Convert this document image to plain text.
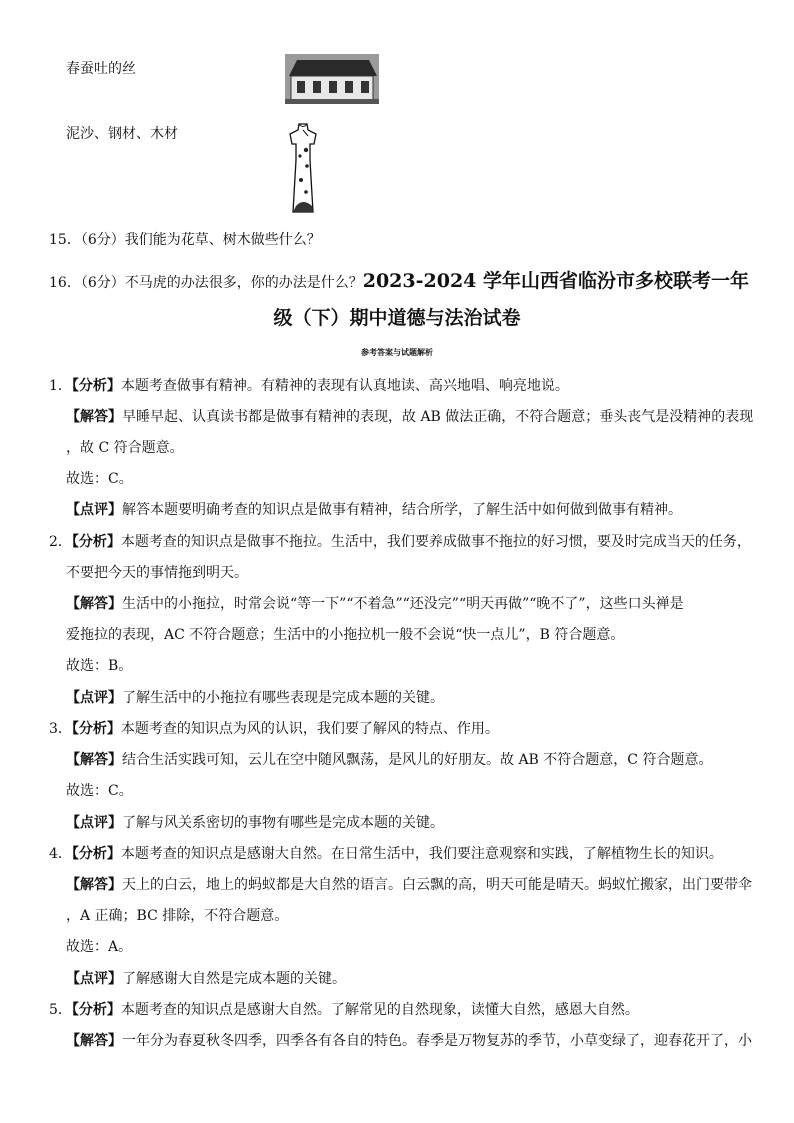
春蚕吐的丝
泥沙、钢材、木材
15．（6分）我们能为花草、树木做些什么？
16．（6分）不马虎的办法很多，你的办法是什么？2023-2024 学年山西省临汾市多校联考一年
级（下）期中道德与法治试卷
参考答案与试题解析
1．【分析】本题考查做事有精神。有精神的表现有认真地读、高兴地唱、响亮地说。
【解答】早睡早起、认真读书都是做事有精神的表现，故 AB 做法正确，不符合题意；垂头丧气是没精神的表现
，故 C 符合题意。
故选：C。
【点评】解答本题要明确考查的知识点是做事有精神，结合所学，了解生活中如何做到做事有精神。
2．【分析】本题考查的知识点是做事不拖拉。生活中，我们要养成做事不拖拉的好习惯，要及时完成当天的任务，
不要把今天的事情拖到明天。
【解答】生活中的小拖拉，时常会说“等一下”“不着急”“还没完”“明天再做”“晚不了”，这些口头禅是
爱拖拉的表现，AC 不符合题意；生活中的小拖拉机一般不会说“快一点儿”，B 符合题意。
故选：B。
【点评】了解生活中的小拖拉有哪些表现是完成本题的关键。
3．【分析】本题考查的知识点为风的认识，我们要了解风的特点、作用。
【解答】结合生活实践可知，云儿在空中随风飘荡，是风儿的好朋友。故 AB 不符合题意，C 符合题意。
故选：C。
【点评】了解与风关系密切的事物有哪些是完成本题的关键。
4．【分析】本题考查的知识点是感谢大自然。在日常生活中，我们要注意观察和实践，了解植物生长的知识。
【解答】天上的白云，地上的蚂蚁都是大自然的语言。白云飘的高，明天可能是晴天。蚂蚁忙搬家，出门要带伞
，A 正确；BC 排除，不符合题意。
故选：A。
【点评】了解感谢大自然是完成本题的关键。
5．【分析】本题考查的知识点是感谢大自然。了解常见的自然现象，读懂大自然，感恩大自然。
【解答】一年分为春夏秋冬四季，四季各有各自的特色。春季是万物复苏的季节，小草变绿了，迎春花开了，小
